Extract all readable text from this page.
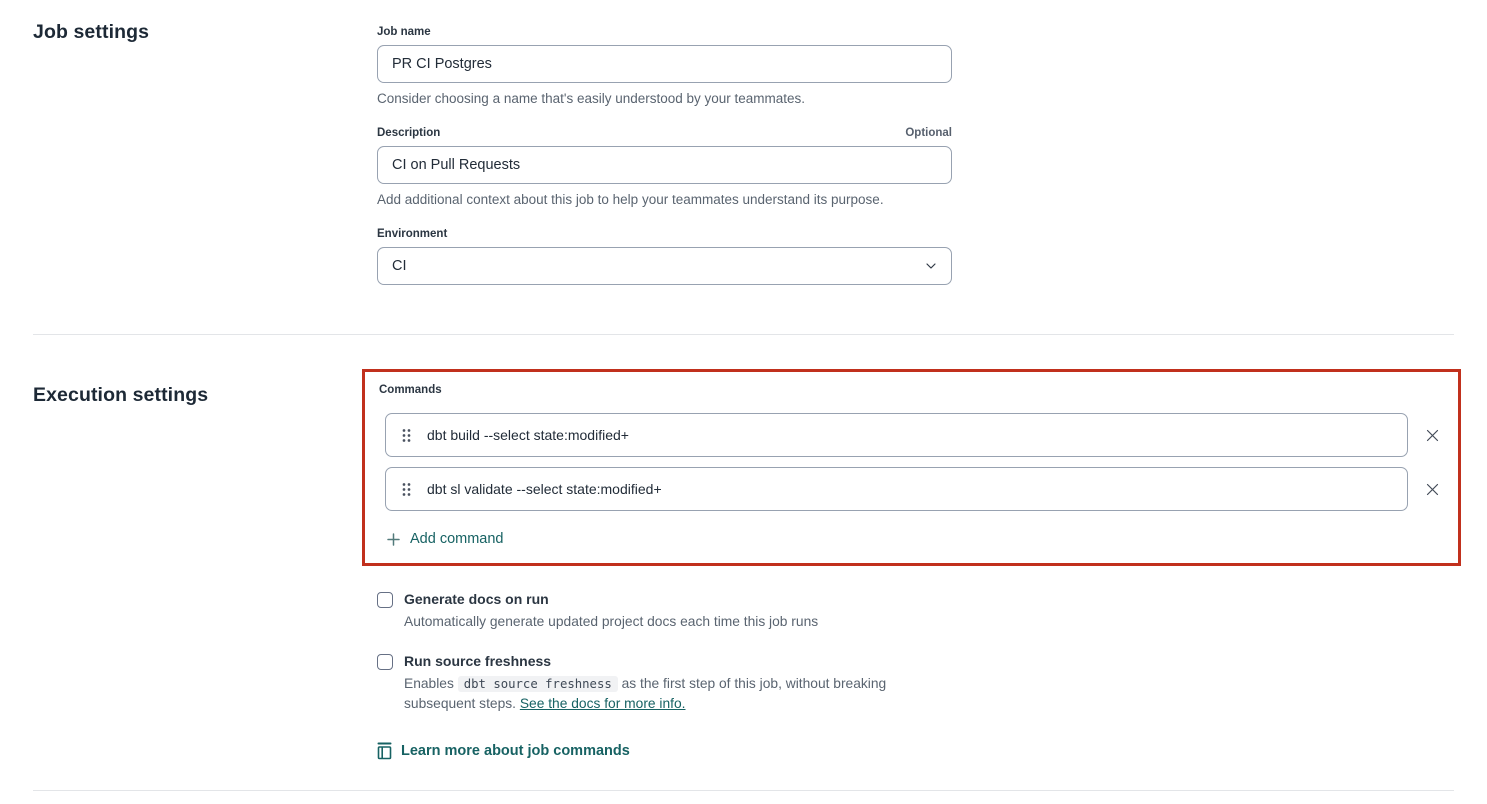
Job settings	Job name
PR CI Postgres

Consider choosing a name that's easily understood by your teammates.

Description	Optional
CI on Pull Requests

Add additional context about this job to help your teammates understand its purpose.

Environment
CI
Execution settings	Commands
dbt build --select state:modified+
dbt sl validate --select state:modified+
Add command
Generate docs on run
Automatically generate updated project docs each time this job runs
Run source freshness
Enables dbt source freshness as the first step of this job, without breaking subsequent steps. See the docs for more info.
Learn more about job commands
